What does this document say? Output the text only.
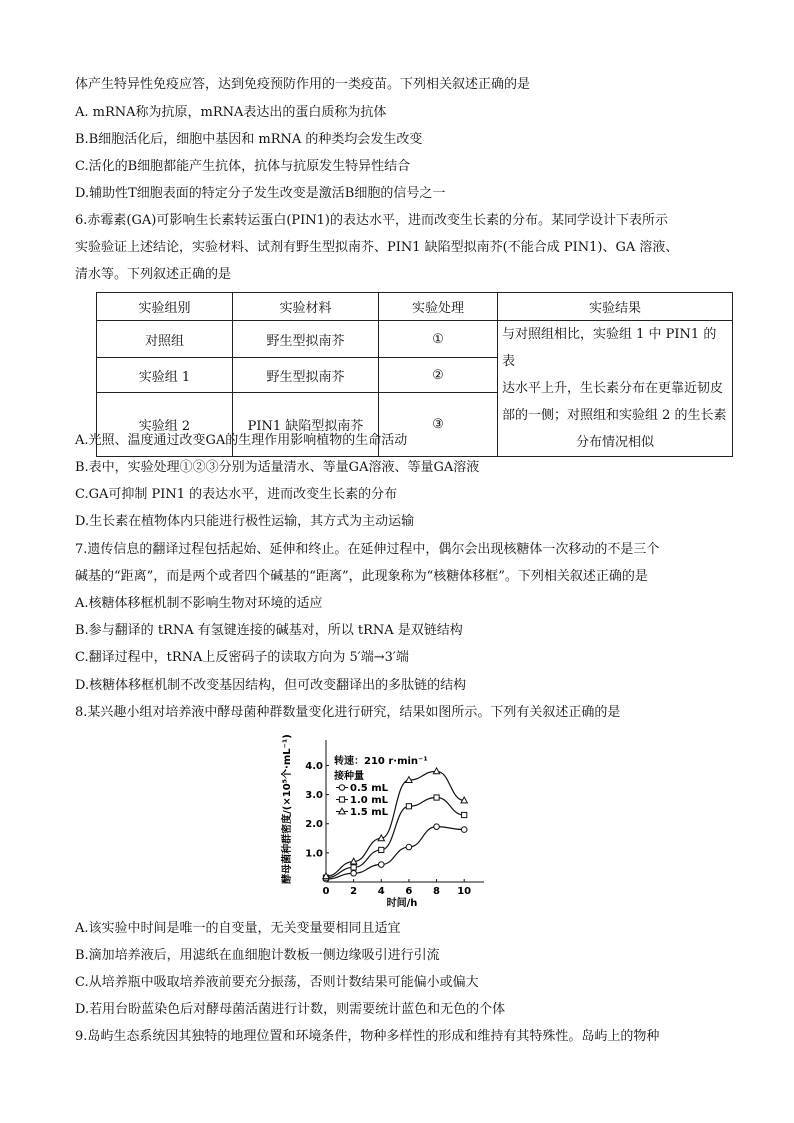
体产生特异性免疫应答，达到免疫预防作用的一类疫苗。下列相关叙述正确的是
A. mRNA称为抗原，mRNA表达出的蛋白质称为抗体
B.B细胞活化后，细胞中基因和 mRNA 的种类均会发生改变
C.活化的B细胞都能产生抗体，抗体与抗原发生特异性结合
D.辅助性T细胞表面的特定分子发生改变是激活B细胞的信号之一
6.赤霉素(GA)可影响生长素转运蛋白(PIN1)的表达水平，进而改变生长素的分布。某同学设计下表所示
实验验证上述结论，实验材料、试剂有野生型拟南芥、PIN1 缺陷型拟南芥(不能合成 PIN1)、GA 溶液、
清水等。下列叙述正确的是
实验组别	实验材料	实验处理	实验结果
对照组	野生型拟南芥	①	与对照组相比，实验组 1 中 PIN1 的表
达水平上升，生长素分布在更靠近韧皮
部的一侧；对照组和实验组 2 的生长素
分布情况相似

实验组 1	野生型拟南芥	②	
实验组 2	PIN1 缺陷型拟南芥	③	
A.光照、温度通过改变GA的生理作用影响植物的生命活动
B.表中，实验处理①②③分别为适量清水、等量GA溶液、等量GA溶液
C.GA可抑制 PIN1 的表达水平，进而改变生长素的分布
D.生长素在植物体内只能进行极性运输，其方式为主动运输
7.遗传信息的翻译过程包括起始、延伸和终止。在延伸过程中，偶尔会出现核糖体一次移动的不是三个
碱基的“距离”，而是两个或者四个碱基的“距离”，此现象称为“核糖体移框”。下列相关叙述正确的是
A.核糖体移框机制不影响生物对环境的适应
B.参与翻译的 tRNA 有氢键连接的碱基对，所以 tRNA 是双链结构
C.翻译过程中，tRNA上反密码子的读取方向为 5′端→3′端
D.核糖体移框机制不改变基因结构，但可改变翻译出的多肽链的结构
8.某兴趣小组对培养液中酵母菌种群数量变化进行研究，结果如图所示。下列有关叙述正确的是
0 2 4 6 8 10
1.0
2.0
3.0
4.0
酵母菌种群密度/(×10⁵个·mL⁻¹)
时间/h
转速：210 r·min⁻¹
接种量
0.5 mL
1.0 mL
1.5 mL
A.该实验中时间是唯一的自变量，无关变量要相同且适宜
B.滴加培养液后，用滤纸在血细胞计数板一侧边缘吸引进行引流
C.从培养瓶中吸取培养液前要充分振荡，否则计数结果可能偏小或偏大
D.若用台盼蓝染色后对酵母菌活菌进行计数，则需要统计蓝色和无色的个体
9.岛屿生态系统因其独特的地理位置和环境条件，物种多样性的形成和维持有其特殊性。岛屿上的物种
